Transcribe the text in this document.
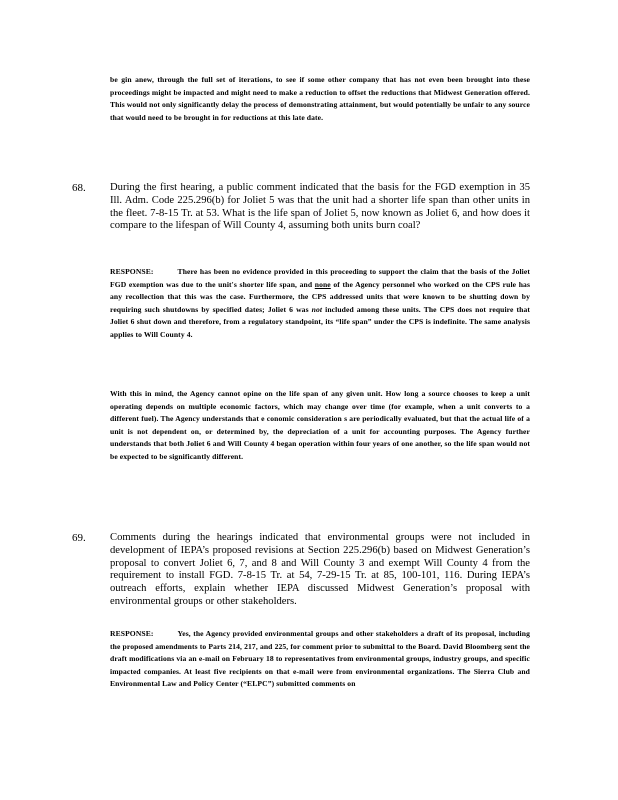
be gin anew, through the full set of iterations, to see if some other company that has not even been brought into these proceedings might be impacted and might need to make a reduction to offset the reductions that Midwest Generation offered. This would not only significantly delay the process of demonstrating attainment, but would potentially be unfair to any source that would need to be brought in for reductions at this late date.

68. During the first hearing, a public comment indicated that the basis for the FGD exemption in 35 Ill. Adm. Code 225.296(b) for Joliet 5 was that the unit had a shorter life span than other units in the fleet. 7-8-15 Tr. at 53. What is the life span of Joliet 5, now known as Joliet 6, and how does it compare to the lifespan of Will County 4, assuming both units burn coal?

RESPONSE:	There has been no evidence provided in this proceeding to support the claim that the basis of the Joliet FGD exemption was due to the unit's shorter life span, and none of the Agency personnel who worked on the CPS rule has any recollection that this was the case. Furthermore, the CPS addressed units that were known to be shutting down by requiring such shutdowns by specified dates; Joliet 6 was not included among these units. The CPS does not require that Joliet 6 shut down and therefore, from a regulatory standpoint, its “life span” under the CPS is indefinite. The same analysis applies to Will County 4.

With this in mind, the Agency cannot opine on the life span of any given unit. How long a source chooses to keep a unit operating depends on multiple economic factors, which may change over time (for example, when a unit converts to a different fuel). The Agency understands that e conomic consideration s are periodically evaluated, but that the actual life of a unit is not dependent on, or determined by, the depreciation of a unit for accounting purposes. The Agency further understands that both Joliet 6 and Will County 4 began operation within four years of one another, so the life span would not be expected to be significantly different.

69. Comments during the hearings indicated that environmental groups were not included in development of IEPA’s proposed revisions at Section 225.296(b) based on Midwest Generation’s proposal to convert Joliet 6, 7, and 8 and Will County 3 and exempt Will County 4 from the requirement to install FGD. 7-8-15 Tr. at 54, 7-29-15 Tr. at 85, 100-101, 116. During IEPA’s outreach efforts, explain whether IEPA discussed Midwest Generation’s proposal with environmental groups or other stakeholders.

RESPONSE:	Yes, the Agency provided environmental groups and other stakeholders a draft of its proposal, including the proposed amendments to Parts 214, 217, and 225, for comment prior to submittal to the Board. David Bloomberg sent the draft modifications via an e-mail on February 18 to representatives from environmental groups, industry groups, and specific impacted companies. At least five recipients on that e-mail were from environmental organizations. The Sierra Club and Environmental Law and Policy Center (“ELPC”) submitted comments on
